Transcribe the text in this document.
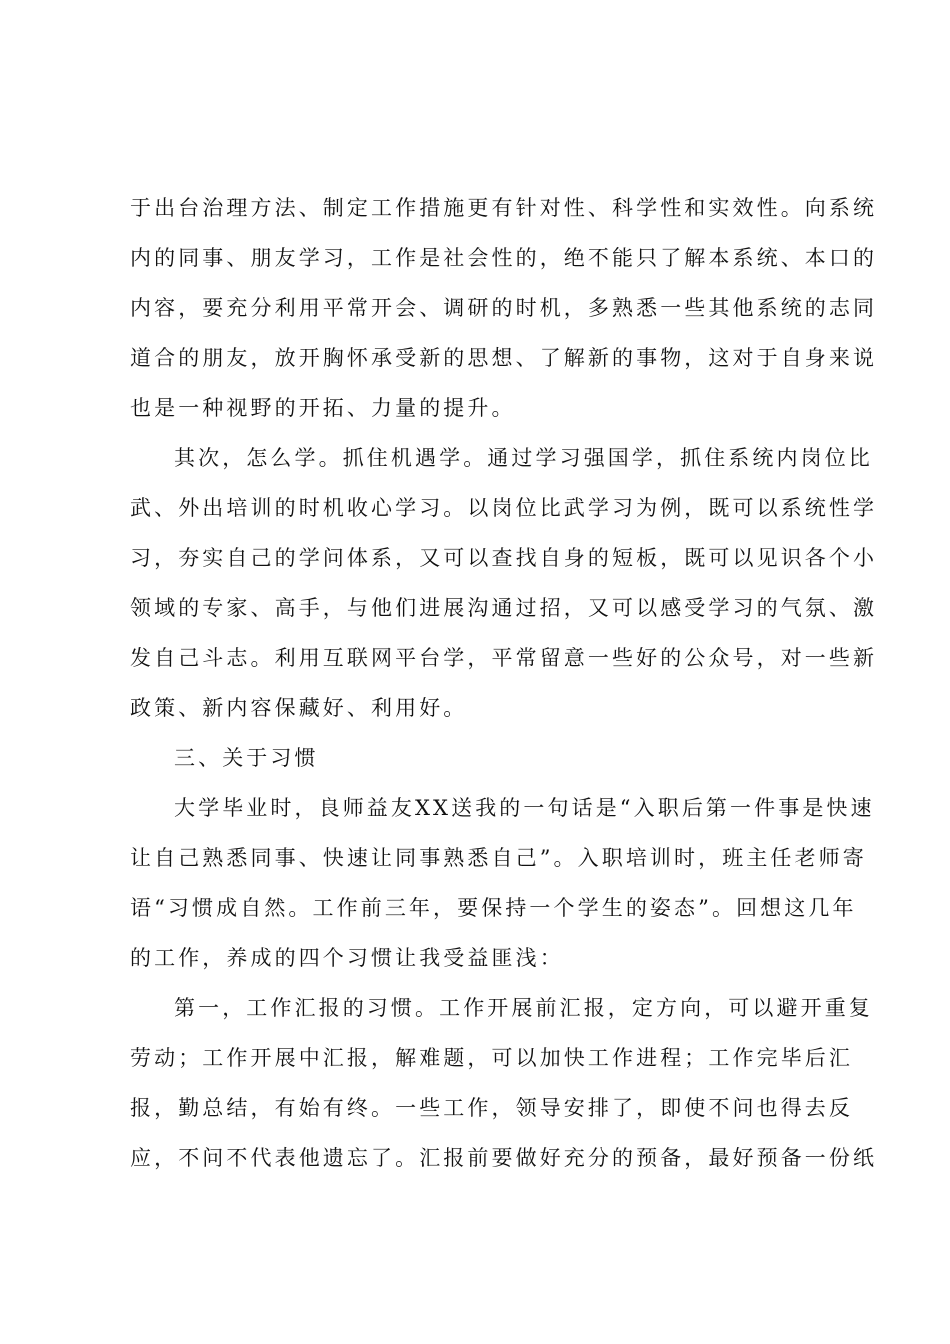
于出台治理方法、制定工作措施更有针对性、科学性和实效性。向系统
内的同事、朋友学习，工作是社会性的，绝不能只了解本系统、本口的
内容，要充分利用平常开会、调研的时机，多熟悉一些其他系统的志同
道合的朋友，放开胸怀承受新的思想、了解新的事物，这对于自身来说
也是一种视野的开拓、力量的提升。
其次，怎么学。抓住机遇学。通过学习强国学，抓住系统内岗位比
武、外出培训的时机收心学习。以岗位比武学习为例，既可以系统性学
习，夯实自己的学问体系，又可以查找自身的短板，既可以见识各个小
领域的专家、高手，与他们进展沟通过招，又可以感受学习的气氛、激
发自己斗志。利用互联网平台学，平常留意一些好的公众号，对一些新
政策、新内容保藏好、利用好。
三、关于习惯
大学毕业时，良师益友XX送我的一句话是“入职后第一件事是快速
让自己熟悉同事、快速让同事熟悉自己”。入职培训时，班主任老师寄
语“习惯成自然。工作前三年，要保持一个学生的姿态”。回想这几年
的工作，养成的四个习惯让我受益匪浅：
第一，工作汇报的习惯。工作开展前汇报，定方向，可以避开重复
劳动；工作开展中汇报，解难题，可以加快工作进程；工作完毕后汇
报，勤总结，有始有终。一些工作，领导安排了，即使不问也得去反
应，不问不代表他遗忘了。汇报前要做好充分的预备，最好预备一份纸
